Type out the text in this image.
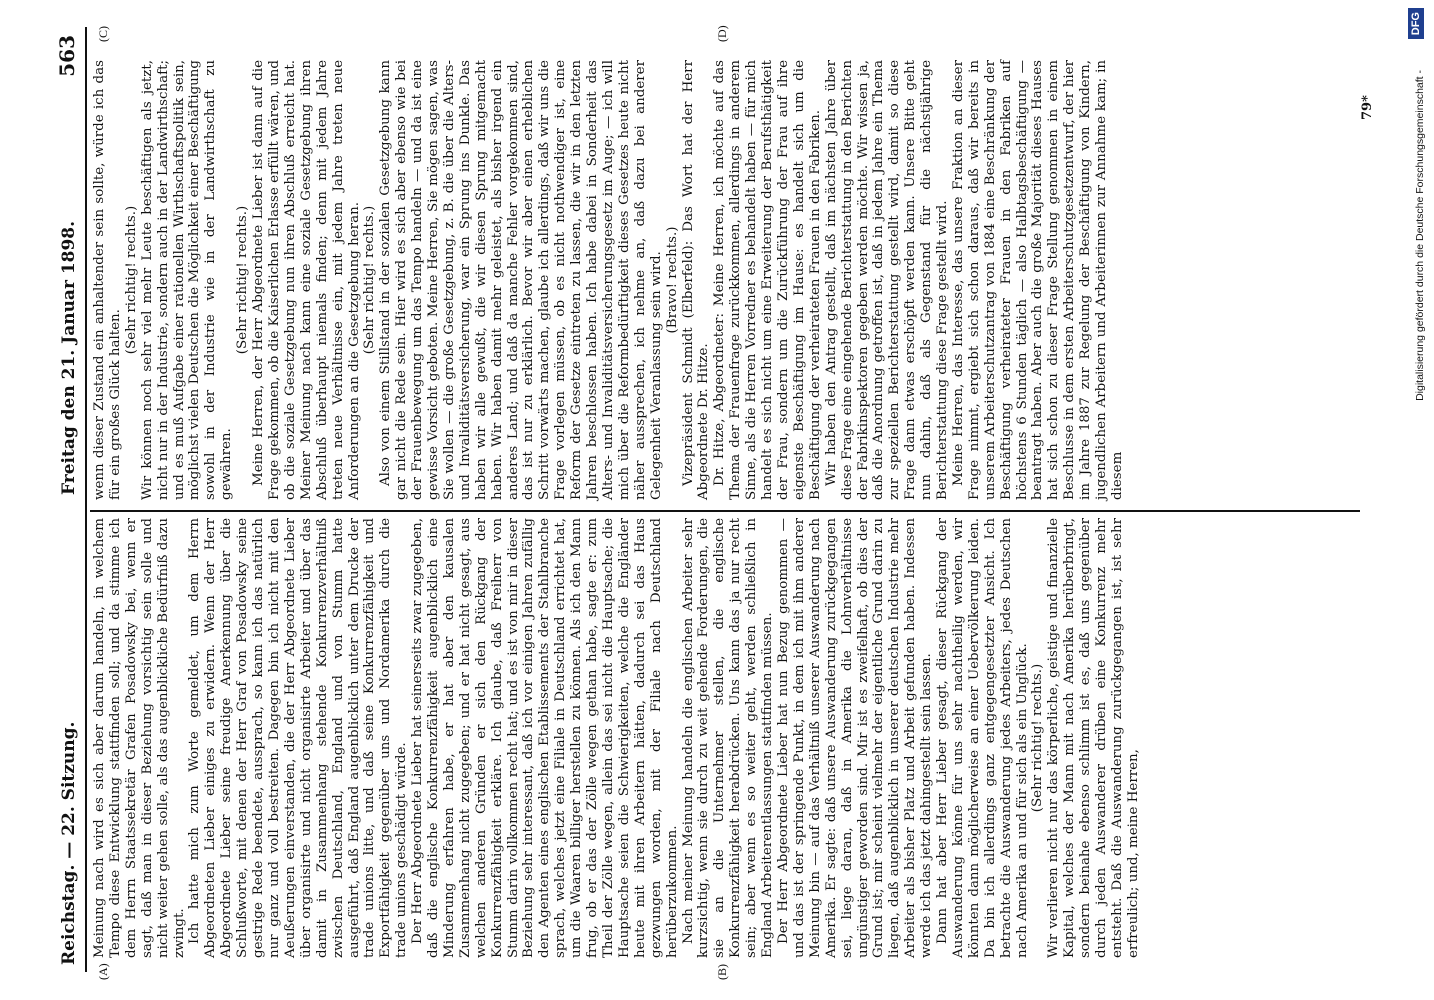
Reichstag. — 22. Sitzung.
Freitag den 21. Januar 1898.
563
(A)	(B)
(C)	(D)

Meinung nach wird es sich aber darum handeln, in welchem Tempo diese Entwicklung stattfinden soll; und da stimme ich dem Herrn Staatssekretär Grafen Posadowsky bei, wenn er sagt, daß man in dieser Beziehung vorsichtig sein solle und nicht weiter gehen solle, als das augenblickliche Bedürfniß dazu zwingt. Ich hatte mich zum Worte gemeldet, um dem Herrn Abgeordneten Lieber einiges zu erwidern. Wenn der Herr Abgeordnete Lieber seine freudige Anerkennung über die Schlußworte, mit denen der Herr Graf von Posadowsky seine gestrige Rede beendete, aussprach, so kann ich das natürlich nur ganz und voll bestreiten. Dagegen bin ich nicht mit den Aeußerungen einverstanden, die der Herr Abgeordnete Lieber über organisirte und nicht organisirte Arbeiter und über das damit in Zusammenhang stehende Konkurrenzverhältniß zwischen Deutschland, England und von Stumm hatte ausgeführt, daß England augenblicklich unter dem Drucke der trade unions litte, und daß seine Konkurrenzfähigkeit und Exportfähigkeit gegenüber uns und Nordamerika durch die trade unions geschädigt würde. Der Herr Abgeordnete Lieber hat seinerseits zwar zugegeben, daß die englische Konkurrenzfähigkeit augenblicklich eine Minderung erfahren habe, er hat aber den kausalen Zusammenhang nicht zugegeben; und er hat nicht gesagt, aus welchen anderen Gründen er sich den Rückgang der Konkurrenzfähigkeit erkläre. Ich glaube, daß Freiherr von Stumm darin vollkommen recht hat; und es ist von mir in dieser Beziehung sehr interessant, daß ich vor einigen Jahren zufällig den Agenten eines englischen Etablissements der Stahlbranche sprach, welches jetzt eine Filiale in Deutschland errichtet hat, um die Waaren billiger herstellen zu können. Als ich den Mann frug, ob er das der Zölle wegen gethan habe, sagte er: zum Theil der Zölle wegen, allein das sei nicht die Hauptsache; die Hauptsache seien die Schwierigkeiten, welche die Engländer heute mit ihren Arbeitern hätten, dadurch sei das Haus gezwungen worden, mit der Filiale nach Deutschland herüberzukommen. Nach meiner Meinung handeln die englischen Arbeiter sehr kurzsichtig, wenn sie durch zu weit gehende Forderungen, die sie an die Unternehmer stellen, die englische Konkurrenzfähigkeit herabdrücken. Uns kann das ja nur recht sein; aber wenn es so weiter geht, werden schließlich in England Arbeiterentlassungen stattfinden müssen. Der Herr Abgeordnete Lieber hat nun Bezug genommen — und das ist der springende Punkt, in dem ich mit ihm anderer Meinung bin — auf das Verhältniß unserer Auswanderung nach Amerika. Er sagte: daß unsere Auswanderung zurückgegangen sei, liege daran, daß in Amerika die Lohnverhältnisse ungünstiger geworden sind. Mir ist es zweifelhaft, ob dies der Grund ist; mir scheint vielmehr der eigentliche Grund darin zu liegen, daß augenblicklich in unserer deutschen Industrie mehr Arbeiter als bisher Platz und Arbeit gefunden haben. Indessen werde ich das jetzt dahingestellt sein lassen. Dann hat aber Herr Lieber gesagt, dieser Rückgang der Auswanderung könne für uns sehr nachtheilig werden, wir könnten dann möglicherweise an einer Uebervölkerung leiden. Da bin ich allerdings ganz entgegengesetzter Ansicht. Ich betrachte die Auswanderung jedes Arbeiters, jedes Deutschen nach Amerika an und für sich als ein Unglück. (Sehr richtig! rechts.) Wir verlieren nicht nur das körperliche, geistige und finanzielle Kapital, welches der Mann mit nach Amerika herüberbringt, sondern beinahe ebenso schlimm ist es, daß uns gegenüber durch jeden Auswanderer drüben eine Konkurrenz mehr entsteht. Daß die Auswanderung zurückgegangen ist, ist sehr erfreulich; und, meine Herren,

wenn dieser Zustand ein anhaltender sein sollte, würde ich das für ein großes Glück halten.

(Sehr richtig! rechts.) Wir können noch sehr viel mehr Leute beschäftigen als jetzt, nicht nur in der Industrie, sondern auch in der Landwirthschaft; und es muß Aufgabe einer rationellen Wirthschaftspolitik sein, möglichst vielen Deutschen die Möglichkeit einer Beschäftigung sowohl in der Industrie wie in der Landwirthschaft zu gewähren.

(Sehr richtig! rechts.) Meine Herren, der Herr Abgeordnete Lieber ist dann auf die Frage gekommen, ob die Kaiserlichen Erlasse erfüllt wären, und ob die soziale Gesetzgebung nun ihren Abschluß erreicht hat. Meiner Meinung nach kann eine soziale Gesetzgebung ihren Abschluß überhaupt niemals finden; denn mit jedem Jahre treten neue Verhältnisse ein, mit jedem Jahre treten neue Anforderungen an die Gesetzgebung heran. (Sehr richtig! rechts.) Also von einem Stillstand in der sozialen Gesetzgebung kann gar nicht die Rede sein. Hier wird es sich aber ebenso wie bei der Frauenbewegung um das Tempo handeln — und da ist eine gewisse Vorsicht geboten. Meine Herren, Sie mögen sagen, was Sie wollen — die große Gesetzgebung, z. B. die über die Alters- und Invaliditätsversicherung, war ein Sprung ins Dunkle. Das haben wir alle gewußt, die wir diesen Sprung mitgemacht haben. Wir haben damit mehr geleistet, als bisher irgend ein anderes Land; und daß da manche Fehler vorgekommen sind, das ist nur zu erklärlich. Bevor wir aber einen erheblichen Schritt vorwärts machen, glaube ich allerdings, daß wir uns die Frage vorlegen müssen, ob es nicht nothwendiger ist, eine Reform der Gesetze eintreten zu lassen, die wir in den letzten Jahren beschlossen haben. Ich habe dabei in Sonderheit das Alters- und Invaliditätsversicherungsgesetz im Auge; — ich will mich über die Reformbedürftigkeit dieses Gesetzes heute nicht näher aussprechen, ich nehme an, daß dazu bei anderer Gelegenheit Veranlassung sein wird. (Bravo! rechts.) Vizepräsident Schmidt (Elberfeld): Das Wort hat der Herr Abgeordnete Dr. Hitze. Dr. Hitze, Abgeordneter: Meine Herren, ich möchte auf das Thema der Frauenfrage zurückkommen, allerdings in anderem Sinne, als die Herren Vorredner es behandelt haben — für mich handelt es sich nicht um eine Erweiterung der Berufsthätigkeit der Frau, sondern um die Zurückführung der Frau auf ihre eigenste Beschäftigung im Hause: es handelt sich um die Beschäftigung der verheirateten Frauen in den Fabriken. Wir haben den Antrag gestellt, daß im nächsten Jahre über diese Frage eine eingehende Berichterstattung in den Berichten der Fabrikinspektoren gegeben werden möchte. Wir wissen ja, daß die Anordnung getroffen ist, daß in jedem Jahre ein Thema zur speziellen Berichterstattung gestellt wird, damit so diese Frage dann etwas erschöpft werden kann. Unsere Bitte geht nun dahin, daß als Gegenstand für die nächstjährige Berichterstattung diese Frage gestellt wird. Meine Herren, das Interesse, das unsere Fraktion an dieser Frage nimmt, ergiebt sich schon daraus, daß wir bereits in unserem Arbeiterschutzantrag von 1884 eine Beschränkung der Beschäftigung verheirateter Frauen in den Fabriken auf höchstens 6 Stunden täglich — also Halbtagsbeschäftigung — beantragt haben. Aber auch die große Majorität dieses Hauses hat sich schon zu dieser Frage Stellung genommen in einem Beschlusse in dem ersten Arbeiterschutzgesetzentwurf, der hier im Jahre 1887 zur Regelung der Beschäftigung von Kindern, jugendlichen Arbeitern und Arbeiterinnen zur Annahme kam; in diesem

79*	Digitalisierung gefördert durch die Deutsche Forschungsgemeinschaft -
DFG
